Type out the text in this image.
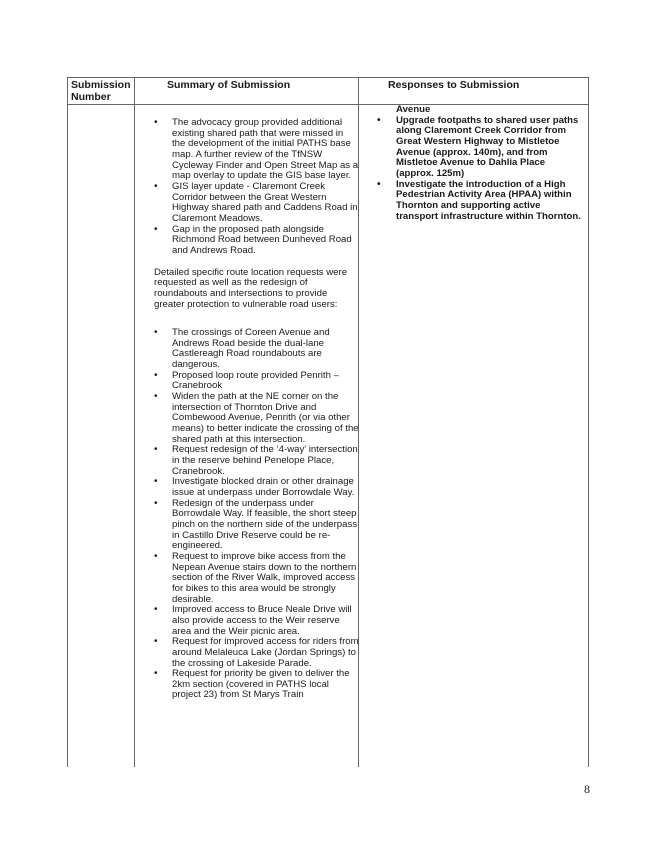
Submission Number
Summary of Submission	Responses to Submission
• The advocacy group provided additional existing shared path that were missed in the development of the initial PATHS base map. A further review of the TfNSW Cycleway Finder and Open Street Map as a map overlay to update the GIS base layer.
• GIS layer update - Claremont Creek Corridor between the Great Western Highway shared path and Caddens Road in Claremont Meadows.
• Gap in the proposed path alongside Richmond Road between Dunheved Road and Andrews Road.

Detailed specific route location requests were requested as well as the redesign of roundabouts and intersections to provide greater protection to vulnerable road users:

• The crossings of Coreen Avenue and Andrews Road beside the dual-lane Castlereagh Road roundabouts are dangerous.
• Proposed loop route provided Penrith – Cranebrook
• Widen the path at the NE corner on the intersection of Thornton Drive and Combewood Avenue, Penrith (or via other means) to better indicate the crossing of the shared path at this intersection.
• Request redesign of the ‘4-way’ intersection in the reserve behind Penelope Place, Cranebrook.
• Investigate blocked drain or other drainage issue at underpass under Borrowdale Way.
• Redesign of the underpass under Borrowdale Way. If feasible, the short steep pinch on the northern side of the underpass in Castillo Drive Reserve could be re-engineered.
• Request to improve bike access from the Nepean Avenue stairs down to the northern section of the River Walk, improved access for bikes to this area would be strongly desirable.
• Improved access to Bruce Neale Drive will also provide access to the Weir reserve area and the Weir picnic area.
• Request for improved access for riders from around Melaleuca Lake (Jordan Springs) to the crossing of Lakeside Parade.
• Request for priority be given to deliver the 2km section (covered in PATHS local project 23) from St Marys Train

Avenue

• Upgrade footpaths to shared user paths along Claremont Creek Corridor from Great Western Highway to Mistletoe Avenue (approx. 140m), and from Mistletoe Avenue to Dahlia Place (approx. 125m)
• Investigate the introduction of a High Pedestrian Activity Area (HPAA) within Thornton and supporting active transport infrastructure within Thornton.
8
